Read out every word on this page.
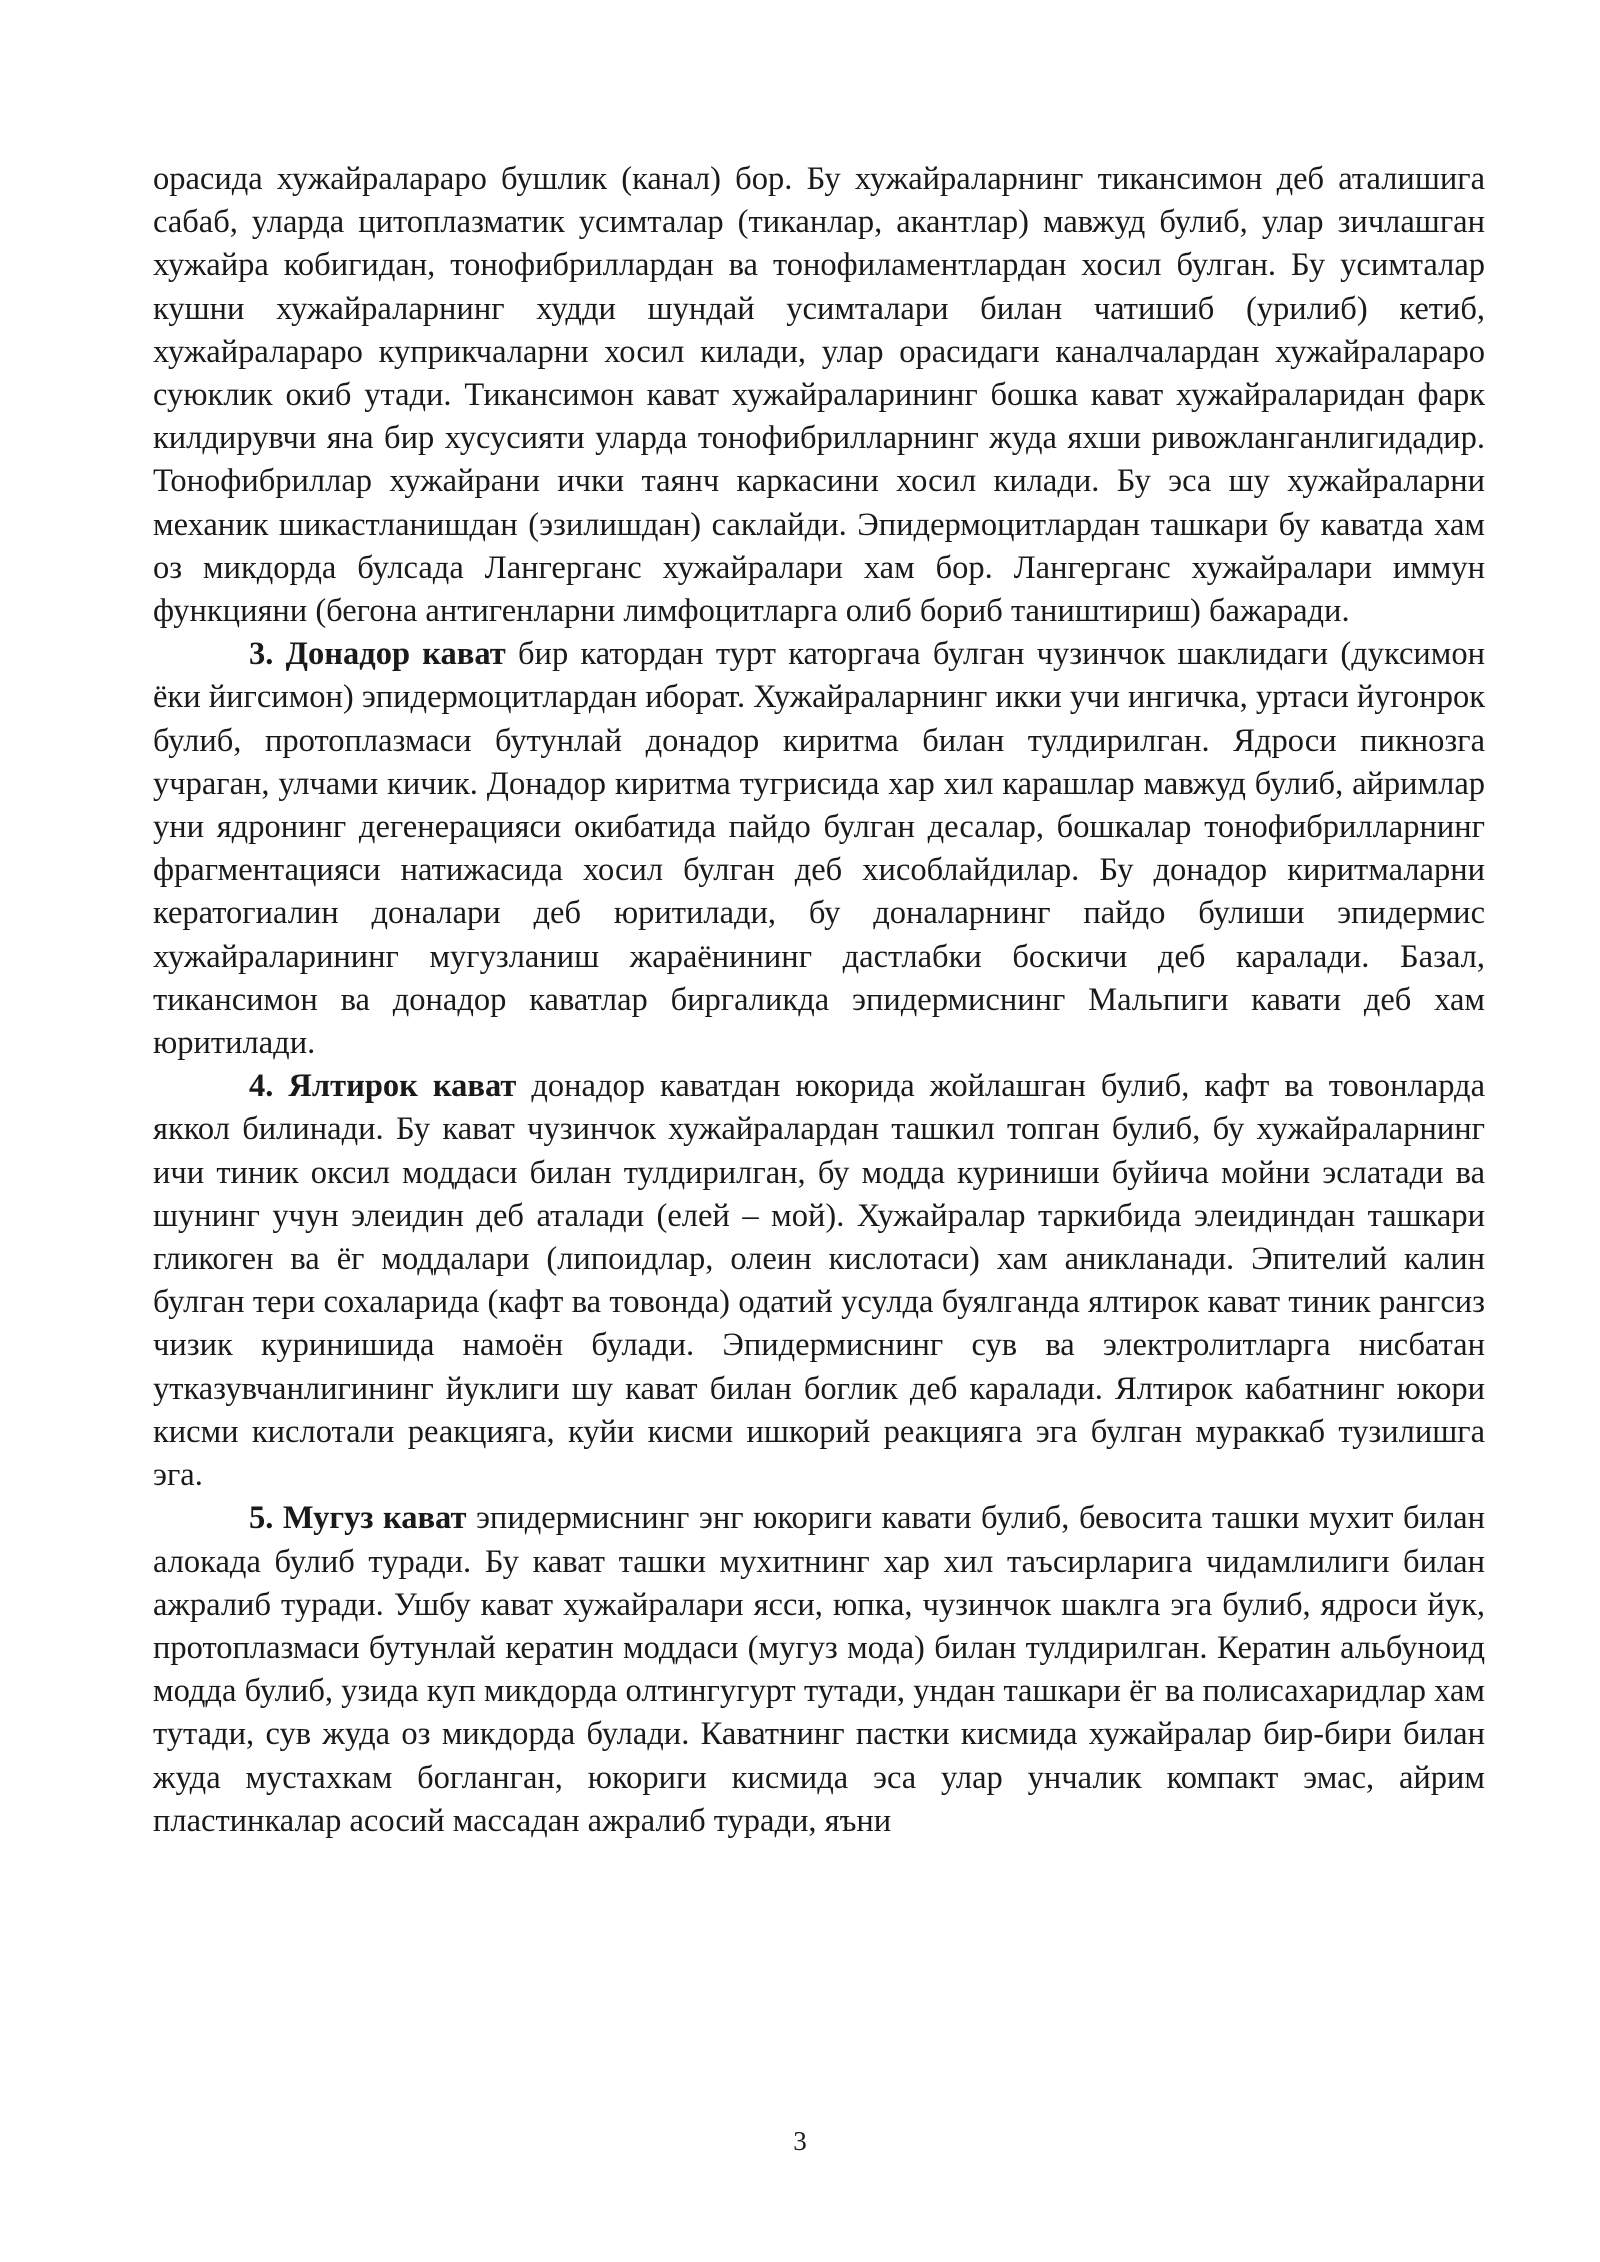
орасида хужайралараро бушлик (канал) бор. Бу хужайраларнинг тикансимон деб аталишига сабаб, уларда цитоплазматик усимталар (тиканлар, акантлар) мавжуд булиб, улар зичлашган хужайра кобигидан, тонофибриллардан ва тонофиламентлардан хосил булган. Бу усимталар кушни хужайраларнинг худди шундай усимталари билан чатишиб (урилиб) кетиб, хужайралараро куприкчаларни хосил килади, улар орасидаги каналчалардан хужайралараро суюклик окиб утади. Тикансимон кават хужайраларининг бошка кават хужайраларидан фарк килдирувчи яна бир хусусияти уларда тонофибрилларнинг жуда яхши ривожланганлигидадир. Тонофибриллар хужайрани ички таянч каркасини хосил килади. Бу эса шу хужайраларни механик шикастланишдан (эзилишдан) саклайди. Эпидермоцитлардан ташкари бу каватда хам оз микдорда булсада Лангерганс хужайралари хам бор. Лангерганс хужайралари иммун функцияни (бегона антигенларни лимфоцитларга олиб бориб таништириш) бажаради.

3. Донадор кават бир катордан турт каторгача булган чузинчок шаклидаги (дуксимон ёки йигсимон) эпидермоцитлардан иборат. Хужайраларнинг икки учи ингичка, уртаси йугонрок булиб, протоплазмаси бутунлай донадор киритма билан тулдирилган. Ядроси пикнозга учраган, улчами кичик. Донадор киритма тугрисида хар хил карашлар мавжуд булиб, айримлар уни ядронинг дегенерацияси окибатида пайдо булган десалар, бошкалар тонофибрилларнинг фрагментацияси натижасида хосил булган деб хисоблайдилар. Бу донадор киритмаларни кератогиалин доналари деб юритилади, бу доналарнинг пайдо булиши эпидермис хужайраларининг мугузланиш жараёнининг дастлабки боскичи деб каралади. Базал, тикансимон ва донадор каватлар биргаликда эпидермиснинг Мальпиги кавати деб хам юритилади.

4. Ялтирок кават донадор каватдан юкорида жойлашган булиб, кафт ва товонларда яккол билинади. Бу кават чузинчок хужайралардан ташкил топган булиб, бу хужайраларнинг ичи тиник оксил моддаси билан тулдирилган, бу модда куриниши буйича мойни эслатади ва шунинг учун элеидин деб аталади (елей – мой). Хужайралар таркибида элеидиндан ташкари гликоген ва ёг моддалари (липоидлар, олеин кислотаси) хам аникланади. Эпителий калин булган тери сохаларида (кафт ва товонда) одатий усулда буялганда ялтирок кават тиник рангсиз чизик куринишида намоён булади. Эпидермиснинг сув ва электролитларга нисбатан утказувчанлигининг йуклиги шу кават билан боглик деб каралади. Ялтирок кабатнинг юкори кисми кислотали реакцияга, куйи кисми ишкорий реакцияга эга булган мураккаб тузилишга эга.

5. Мугуз кават эпидермиснинг энг юкориги кавати булиб, бевосита ташки мухит билан алокада булиб туради. Бу кават ташки мухитнинг хар хил таъсирларига чидамлилиги билан ажралиб туради. Ушбу кават хужайралари ясси, юпка, чузинчок шаклга эга булиб, ядроси йук, протоплазмаси бутунлай кератин моддаси (мугуз мода) билан тулдирилган. Кератин альбуноид модда булиб, узида куп микдорда олтингугурт тутади, ундан ташкари ёг ва полисахаридлар хам тутади, сув жуда оз микдорда булади. Каватнинг пастки кисмида хужайралар бир-бири билан жуда мустахкам богланган, юкориги кисмида эса улар унчалик компакт эмас, айрим пластинкалар асосий массадан ажралиб туради, яъни

3
